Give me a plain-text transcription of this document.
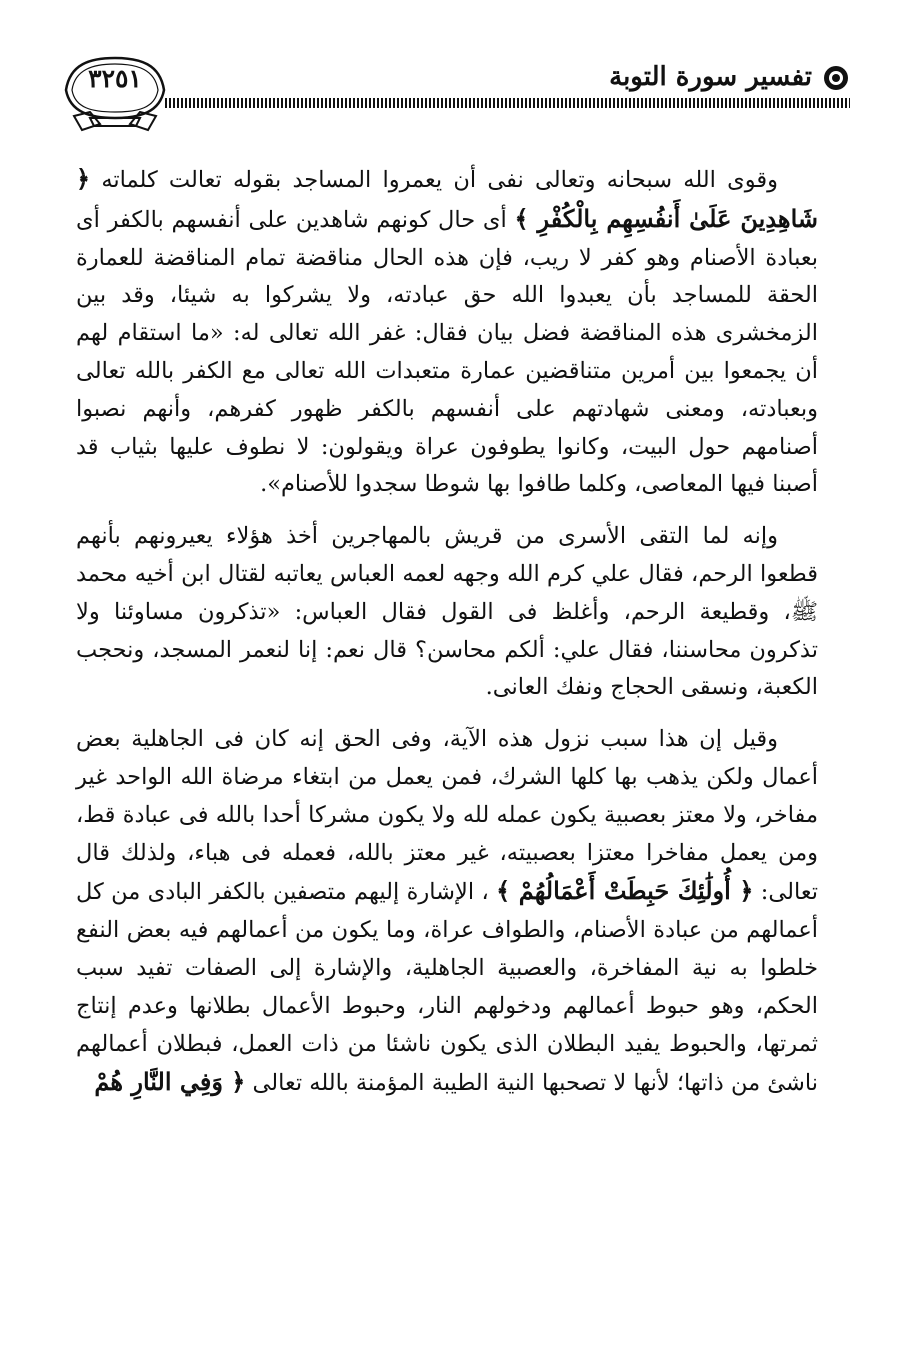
٣٢٥١	تفسير سورة التوبة

وقوى الله سبحانه وتعالى نفى أن يعمروا المساجد بقوله تعالت كلماته ﴿ شَاهِدِينَ عَلَىٰ أَنفُسِهِم بِالْكُفْرِ ﴾ أى حال كونهم شاهدين على أنفسهم بالكفر أى بعبادة الأصنام وهو كفر لا ريب، فإن هذه الحال مناقضة تمام المناقضة للعمارة الحقة للمساجد بأن يعبدوا الله حق عبادته، ولا يشركوا به شيئا، وقد بين الزمخشرى هذه المناقضة فضل بيان فقال: غفر الله تعالى له: «ما استقام لهم أن يجمعوا بين أمرين متناقضين عمارة متعبدات الله تعالى مع الكفر بالله تعالى وبعبادته، ومعنى شهادتهم على أنفسهم بالكفر ظهور كفرهم، وأنهم نصبوا أصنامهم حول البيت، وكانوا يطوفون عراة ويقولون: لا نطوف عليها بثياب قد أصبنا فيها المعاصى، وكلما طافوا بها شوطا سجدوا للأصنام».

وإنه لما التقى الأسرى من قريش بالمهاجرين أخذ هؤلاء يعيرونهم بأنهم قطعوا الرحم، فقال علي كرم الله وجهه لعمه العباس يعاتبه لقتال ابن أخيه محمد ﷺ، وقطيعة الرحم، وأغلظ فى القول فقال العباس: «تذكرون مساوئنا ولا تذكرون محاسننا، فقال علي: ألكم محاسن؟ قال نعم: إنا لنعمر المسجد، ونحجب الكعبة، ونسقى الحجاج ونفك العانى.

وقيل إن هذا سبب نزول هذه الآية، وفى الحق إنه كان فى الجاهلية بعض أعمال ولكن يذهب بها كلها الشرك، فمن يعمل من ابتغاء مرضاة الله الواحد غير مفاخر، ولا معتز بعصبية يكون عمله لله ولا يكون مشركا أحدا بالله فى عبادة قط، ومن يعمل مفاخرا معتزا بعصبيته، غير معتز بالله، فعمله فى هباء، ولذلك قال تعالى: ﴿ أُولَٰئِكَ حَبِطَتْ أَعْمَالُهُمْ ﴾ ، الإشارة إليهم متصفين بالكفر البادى من كل أعمالهم من عبادة الأصنام، والطواف عراة، وما يكون من أعمالهم فيه بعض النفع خلطوا به نية المفاخرة، والعصبية الجاهلية، والإشارة إلى الصفات تفيد سبب الحكم، وهو حبوط أعمالهم ودخولهم النار، وحبوط الأعمال بطلانها وعدم إنتاج ثمرتها، والحبوط يفيد البطلان الذى يكون ناشئا من ذات العمل، فبطلان أعمالهم ناشئ من ذاتها؛ لأنها لا تصحبها النية الطيبة المؤمنة بالله تعالى ﴿ وَفِي النَّارِ هُمْ
